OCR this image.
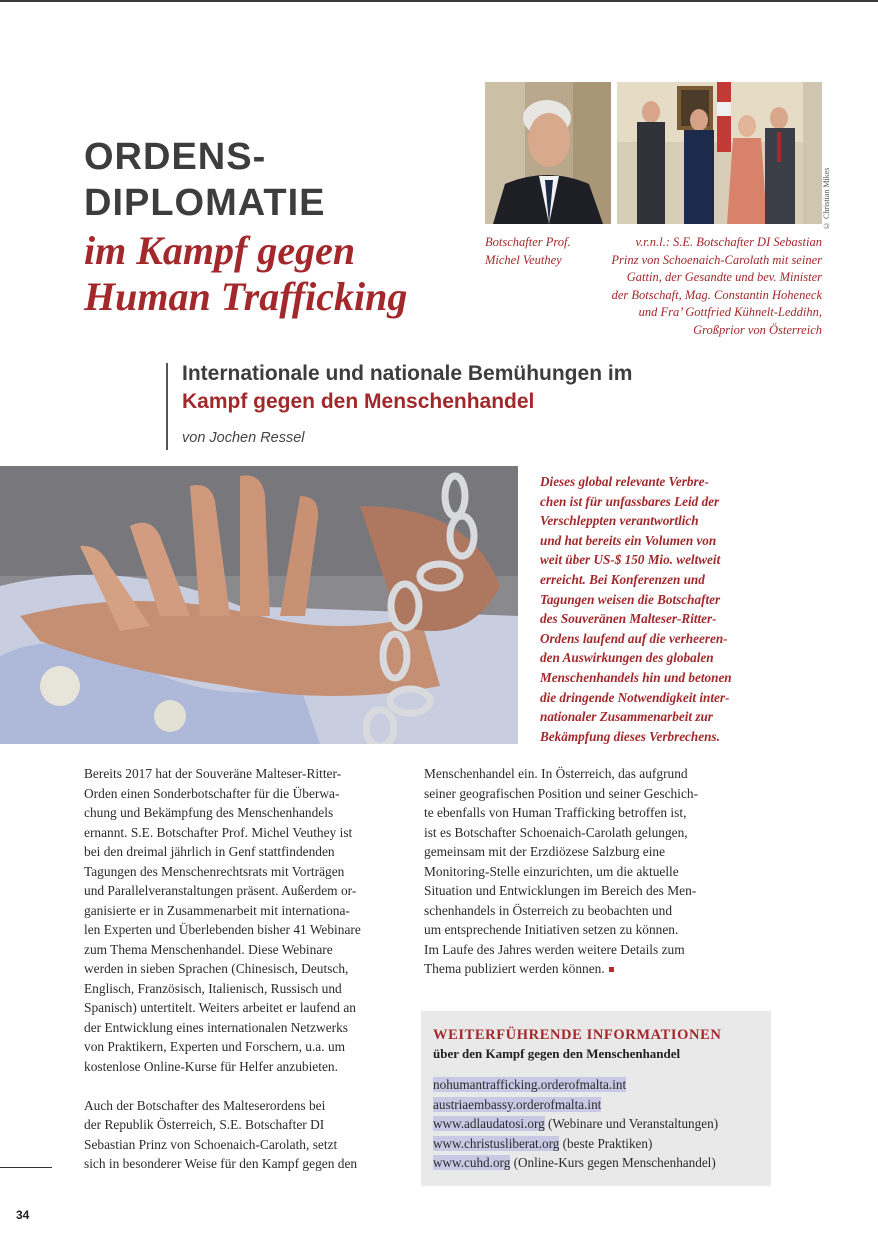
ORDENS-
DIPLOMATIE
im Kampf gegen
Human Trafficking
© Christian Mikes

Botschafter Prof.
Michel Veuthey

v.r.n.l.: S.E. Botschafter DI Sebastian
Prinz von Schoenaich-Carolath mit seiner
Gattin, der Gesandte und bev. Minister
der Botschaft, Mag. Constantin Hoheneck
und Fra’ Gottfried Kühnelt-Leddihn,
Großprior von Österreich

Internationale und nationale Bemühungen im
Kampf gegen den Menschenhandel

von Jochen Ressel

Dieses global relevante Verbre-
chen ist für unfassbares Leid der
Verschleppten verantwortlich
und hat bereits ein Volumen von
weit über US-$ 150 Mio. weltweit
erreicht. Bei Konferenzen und
Tagungen weisen die Botschafter
des Souveränen Malteser-Ritter-
Ordens laufend auf die verheeren-
den Auswirkungen des globalen
Menschenhandels hin und betonen
die dringende Notwendigkeit inter-
nationaler Zusammenarbeit zur
Bekämpfung dieses Verbrechens.

Bereits 2017 hat der Souveräne Malteser-Ritter-
Orden einen Sonderbotschafter für die Überwa-
chung und Bekämpfung des Menschenhandels
ernannt. S.E. Botschafter Prof. Michel Veuthey ist
bei den dreimal jährlich in Genf stattfindenden
Tagungen des Menschenrechtsrats mit Vorträgen
und Parallelveranstaltungen präsent. Außerdem or-
ganisierte er in Zusammenarbeit mit internationa-
len Experten und Überlebenden bisher 41 Webinare
zum Thema Menschenhandel. Diese Webinare
werden in sieben Sprachen (Chinesisch, Deutsch,
Englisch, Französisch, Italienisch, Russisch und
Spanisch) untertitelt. Weiters arbeitet er laufend an
der Entwicklung eines internationalen Netzwerks
von Praktikern, Experten und Forschern, u.a. um
kostenlose Online-Kurse für Helfer anzubieten.

Auch der Botschafter des Malteserordens bei
der Republik Österreich, S.E. Botschafter DI
Sebastian Prinz von Schoenaich-Carolath, setzt
sich in besonderer Weise für den Kampf gegen den

Menschenhandel ein. In Österreich, das aufgrund
seiner geografischen Position und seiner Geschich-
te ebenfalls von Human Trafficking betroffen ist,
ist es Botschafter Schoenaich-Carolath gelungen,
gemeinsam mit der Erzdiözese Salzburg eine
Monitoring-Stelle einzurichten, um die aktuelle
Situation und Entwicklungen im Bereich des Men-
schenhandels in Österreich zu beobachten und
um entsprechende Initiativen setzen zu können.
Im Laufe des Jahres werden weitere Details zum
Thema publiziert werden können.

WEITERFÜHRENDE INFORMATIONEN

über den Kampf gegen den Menschenhandel

nohumantrafficking.orderofmalta.int
austriaembassy.orderofmalta.int
www.adlaudatosi.org (Webinare und Veranstaltungen)
www.christusliberat.org (beste Praktiken)
www.cuhd.org (Online-Kurs gegen Menschenhandel)

34
